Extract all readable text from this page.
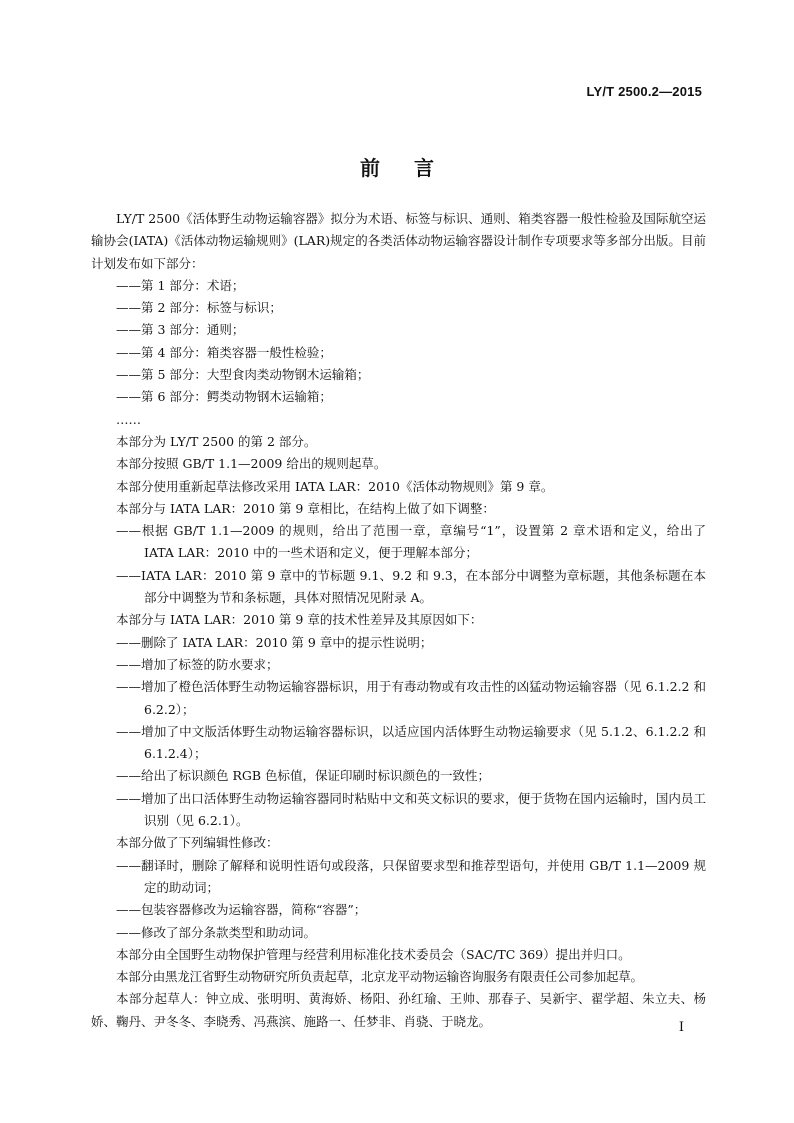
LY/T 2500.2—2015
前言

LY/T 2500《活体野生动物运输容器》拟分为术语、标签与标识、通则、箱类容器一般性检验及国际航空运输协会(IATA)《活体动物运输规则》(LAR)规定的各类活体动物运输容器设计制作专项要求等多部分出版。目前计划发布如下部分：

——第 1 部分：术语；

——第 2 部分：标签与标识；

——第 3 部分：通则；

——第 4 部分：箱类容器一般性检验；

——第 5 部分：大型食肉类动物钢木运输箱；

——第 6 部分：鳄类动物钢木运输箱；

……

本部分为 LY/T 2500 的第 2 部分。

本部分按照 GB/T 1.1—2009 给出的规则起草。

本部分使用重新起草法修改采用 IATA LAR：2010《活体动物规则》第 9 章。

本部分与 IATA LAR：2010 第 9 章相比，在结构上做了如下调整：

——根据 GB/T 1.1—2009 的规则，给出了范围一章，章编号“1”，设置第 2 章术语和定义，给出了 IATA LAR：2010 中的一些术语和定义，便于理解本部分；

——IATA LAR：2010 第 9 章中的节标题 9.1、9.2 和 9.3，在本部分中调整为章标题，其他条标题在本部分中调整为节和条标题，具体对照情况见附录 A。

本部分与 IATA LAR：2010 第 9 章的技术性差异及其原因如下：

——删除了 IATA LAR：2010 第 9 章中的提示性说明；

——增加了标签的防水要求；

——增加了橙色活体野生动物运输容器标识，用于有毒动物或有攻击性的凶猛动物运输容器（见 6.1.2.2 和 6.2.2）；

——增加了中文版活体野生动物运输容器标识，以适应国内活体野生动物运输要求（见 5.1.2、6.1.2.2 和 6.1.2.4）；

——给出了标识颜色 RGB 色标值，保证印刷时标识颜色的一致性；

——增加了出口活体野生动物运输容器同时粘贴中文和英文标识的要求，便于货物在国内运输时，国内员工识别（见 6.2.1）。

本部分做了下列编辑性修改：

——翻译时，删除了解释和说明性语句或段落，只保留要求型和推荐型语句，并使用 GB/T 1.1—2009 规定的助动词；

——包装容器修改为运输容器，简称“容器”；

——修改了部分条款类型和助动词。

本部分由全国野生动物保护管理与经营利用标准化技术委员会（SAC/TC 369）提出并归口。

本部分由黑龙江省野生动物研究所负责起草，北京龙平动物运输咨询服务有限责任公司参加起草。

本部分起草人：钟立成、张明明、黄海娇、杨阳、孙红瑜、王帅、那春子、吴新宇、翟学超、朱立夫、杨娇、鞠丹、尹冬冬、李晓秀、冯燕滨、施路一、任梦非、肖骁、于晓龙。	I
